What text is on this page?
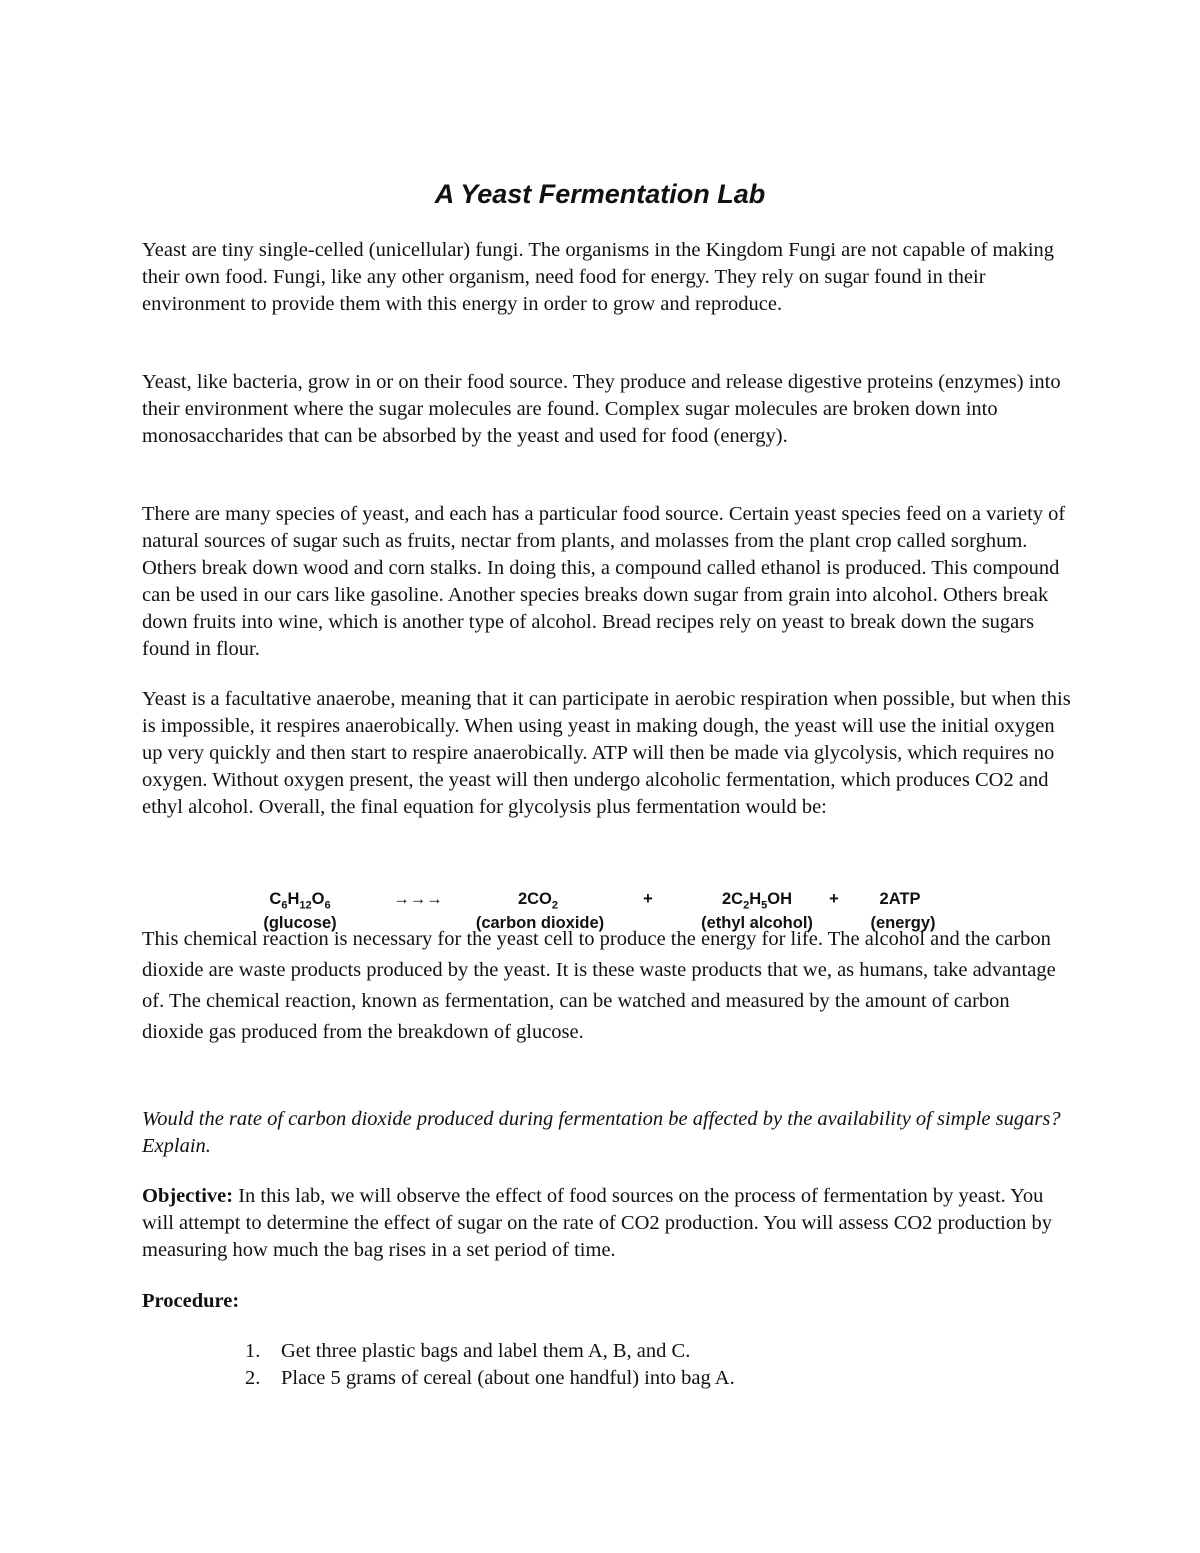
A Yeast Fermentation Lab

Yeast are tiny single-celled (unicellular) fungi. The organisms in the Kingdom Fungi are not capable of making their own food. Fungi, like any other organism, need food for energy. They rely on sugar found in their environment to provide them with this energy in order to grow and reproduce.

Yeast, like bacteria, grow in or on their food source. They produce and release digestive proteins (enzymes) into their environment where the sugar molecules are found. Complex sugar molecules are broken down into monosaccharides that can be absorbed by the yeast and used for food (energy).

There are many species of yeast, and each has a particular food source. Certain yeast species feed on a variety of natural sources of sugar such as fruits, nectar from plants, and molasses from the plant crop called sorghum. Others break down wood and corn stalks. In doing this, a compound called ethanol is produced. This compound can be used in our cars like gasoline. Another species breaks down sugar from grain into alcohol. Others break down fruits into wine, which is another type of alcohol. Bread recipes rely on yeast to break down the sugars found in flour.

Yeast is a facultative anaerobe, meaning that it can participate in aerobic respiration when possible, but when this is impossible, it respires anaerobically. When using yeast in making dough, the yeast will use the initial oxygen up very quickly and then start to respire anaerobically. ATP will then be made via glycolysis, which requires no oxygen. Without oxygen present, the yeast will then undergo alcoholic fermentation, which produces CO2 and ethyl alcohol. Overall, the final equation for glycolysis plus fermentation would be:

$C_6H_{12}O_6$	→→→	$2CO_2$	+	$2C_2H_5OH + 2ATP$
(glucose)	(carbon dioxide)	(ethyl alcohol)	(energy)

This chemical reaction is necessary for the yeast cell to produce the energy for life. The alcohol and the carbon dioxide are waste products produced by the yeast. It is these waste products that we, as humans, take advantage of. The chemical reaction, known as fermentation, can be watched and measured by the amount of carbon dioxide gas produced from the breakdown of glucose.

Would the rate of carbon dioxide produced during fermentation be affected by the availability of simple sugars? Explain.

Objective: In this lab, we will observe the effect of food sources on the process of fermentation by yeast. You will attempt to determine the effect of sugar on the rate of CO2 production. You will assess CO2 production by measuring how much the bag rises in a set period of time.

Procedure:
1. Get three plastic bags and label them A, B, and C.
2. Place 5 grams of cereal (about one handful) into bag A.
